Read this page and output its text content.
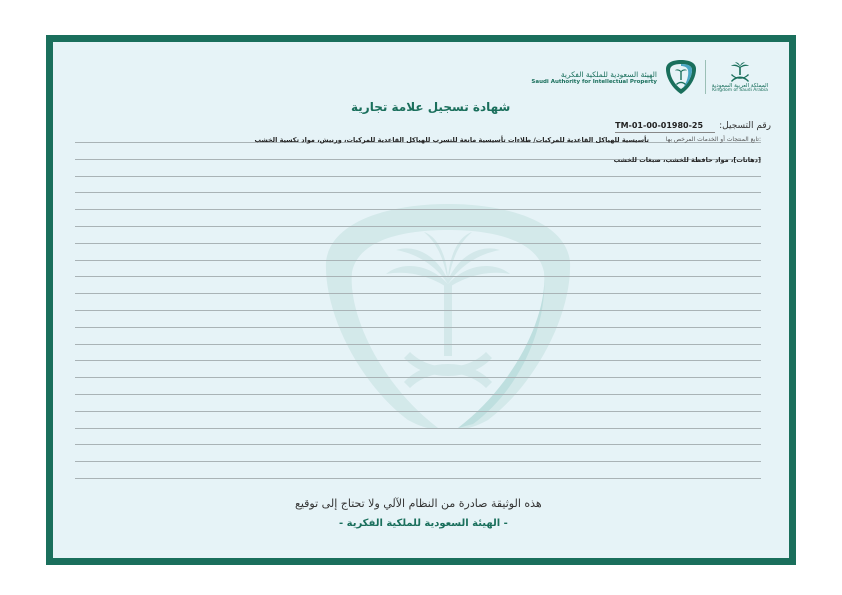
المملكة العربية السعودية
Kingdom of Saudi Arabia
الهيئة السعودية للملكية الفكرية
Saudi Authority for Intellectual Property
شهادة تسجيل علامة تجارية
رقم التسجيل:
TM-01-00-01980-25
تابع المنتجات أو الخدمات المرخص بها:
تأسيسية للهياكل القاعدية للمركبات/ طلاءات تأسيسية مانعة للتسرب للهياكل القاعدية للمركبات، ورنيش، مواد تكسية الخشب
[دهانات]، مواد حافظة للخشب، صبغات للخشب
هذه الوثيقة صادرة من النظام الآلي ولا تحتاج إلى توقيع
- الهيئة السعودية للملكية الفكرية -
